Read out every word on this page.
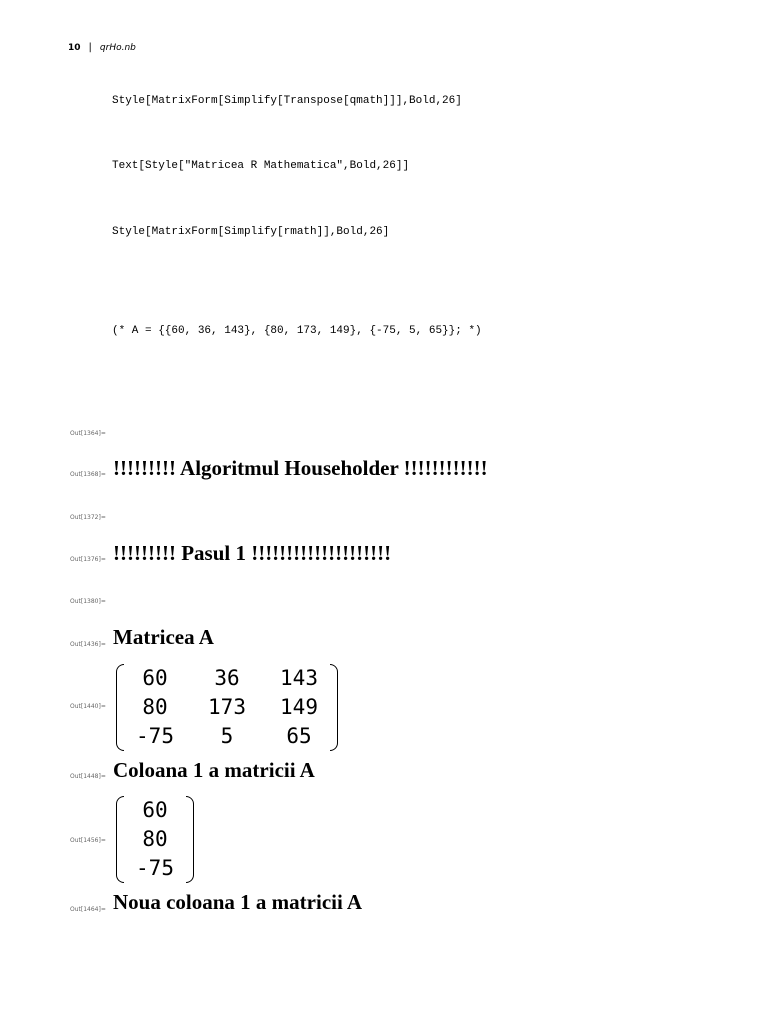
10 | qrHo.nb
Style[MatrixForm[Simplify[Transpose[qmath]]],Bold,26]
Text[Style["Matricea R Mathematica",Bold,26]]
Style[MatrixForm[Simplify[rmath]],Bold,26]
(* A = {{60, 36, 143}, {80, 173, 149}, {-75, 5, 65}}; *)
Out[1364]=
Out[1368]= !!!!!!!!! Algoritmul Householder !!!!!!!!!!!!
Out[1372]=
Out[1376]= !!!!!!!!! Pasul 1 !!!!!!!!!!!!!!!!!!!!
Out[1380]=
Out[1436]= Matricea A
Out[1440]=
60	36	143
80	173 149
-75	5	65
Out[1448]= Coloana 1 a matricii A
Out[1456]=
60
80
-75
Out[1464]= Noua coloana 1 a matricii A
